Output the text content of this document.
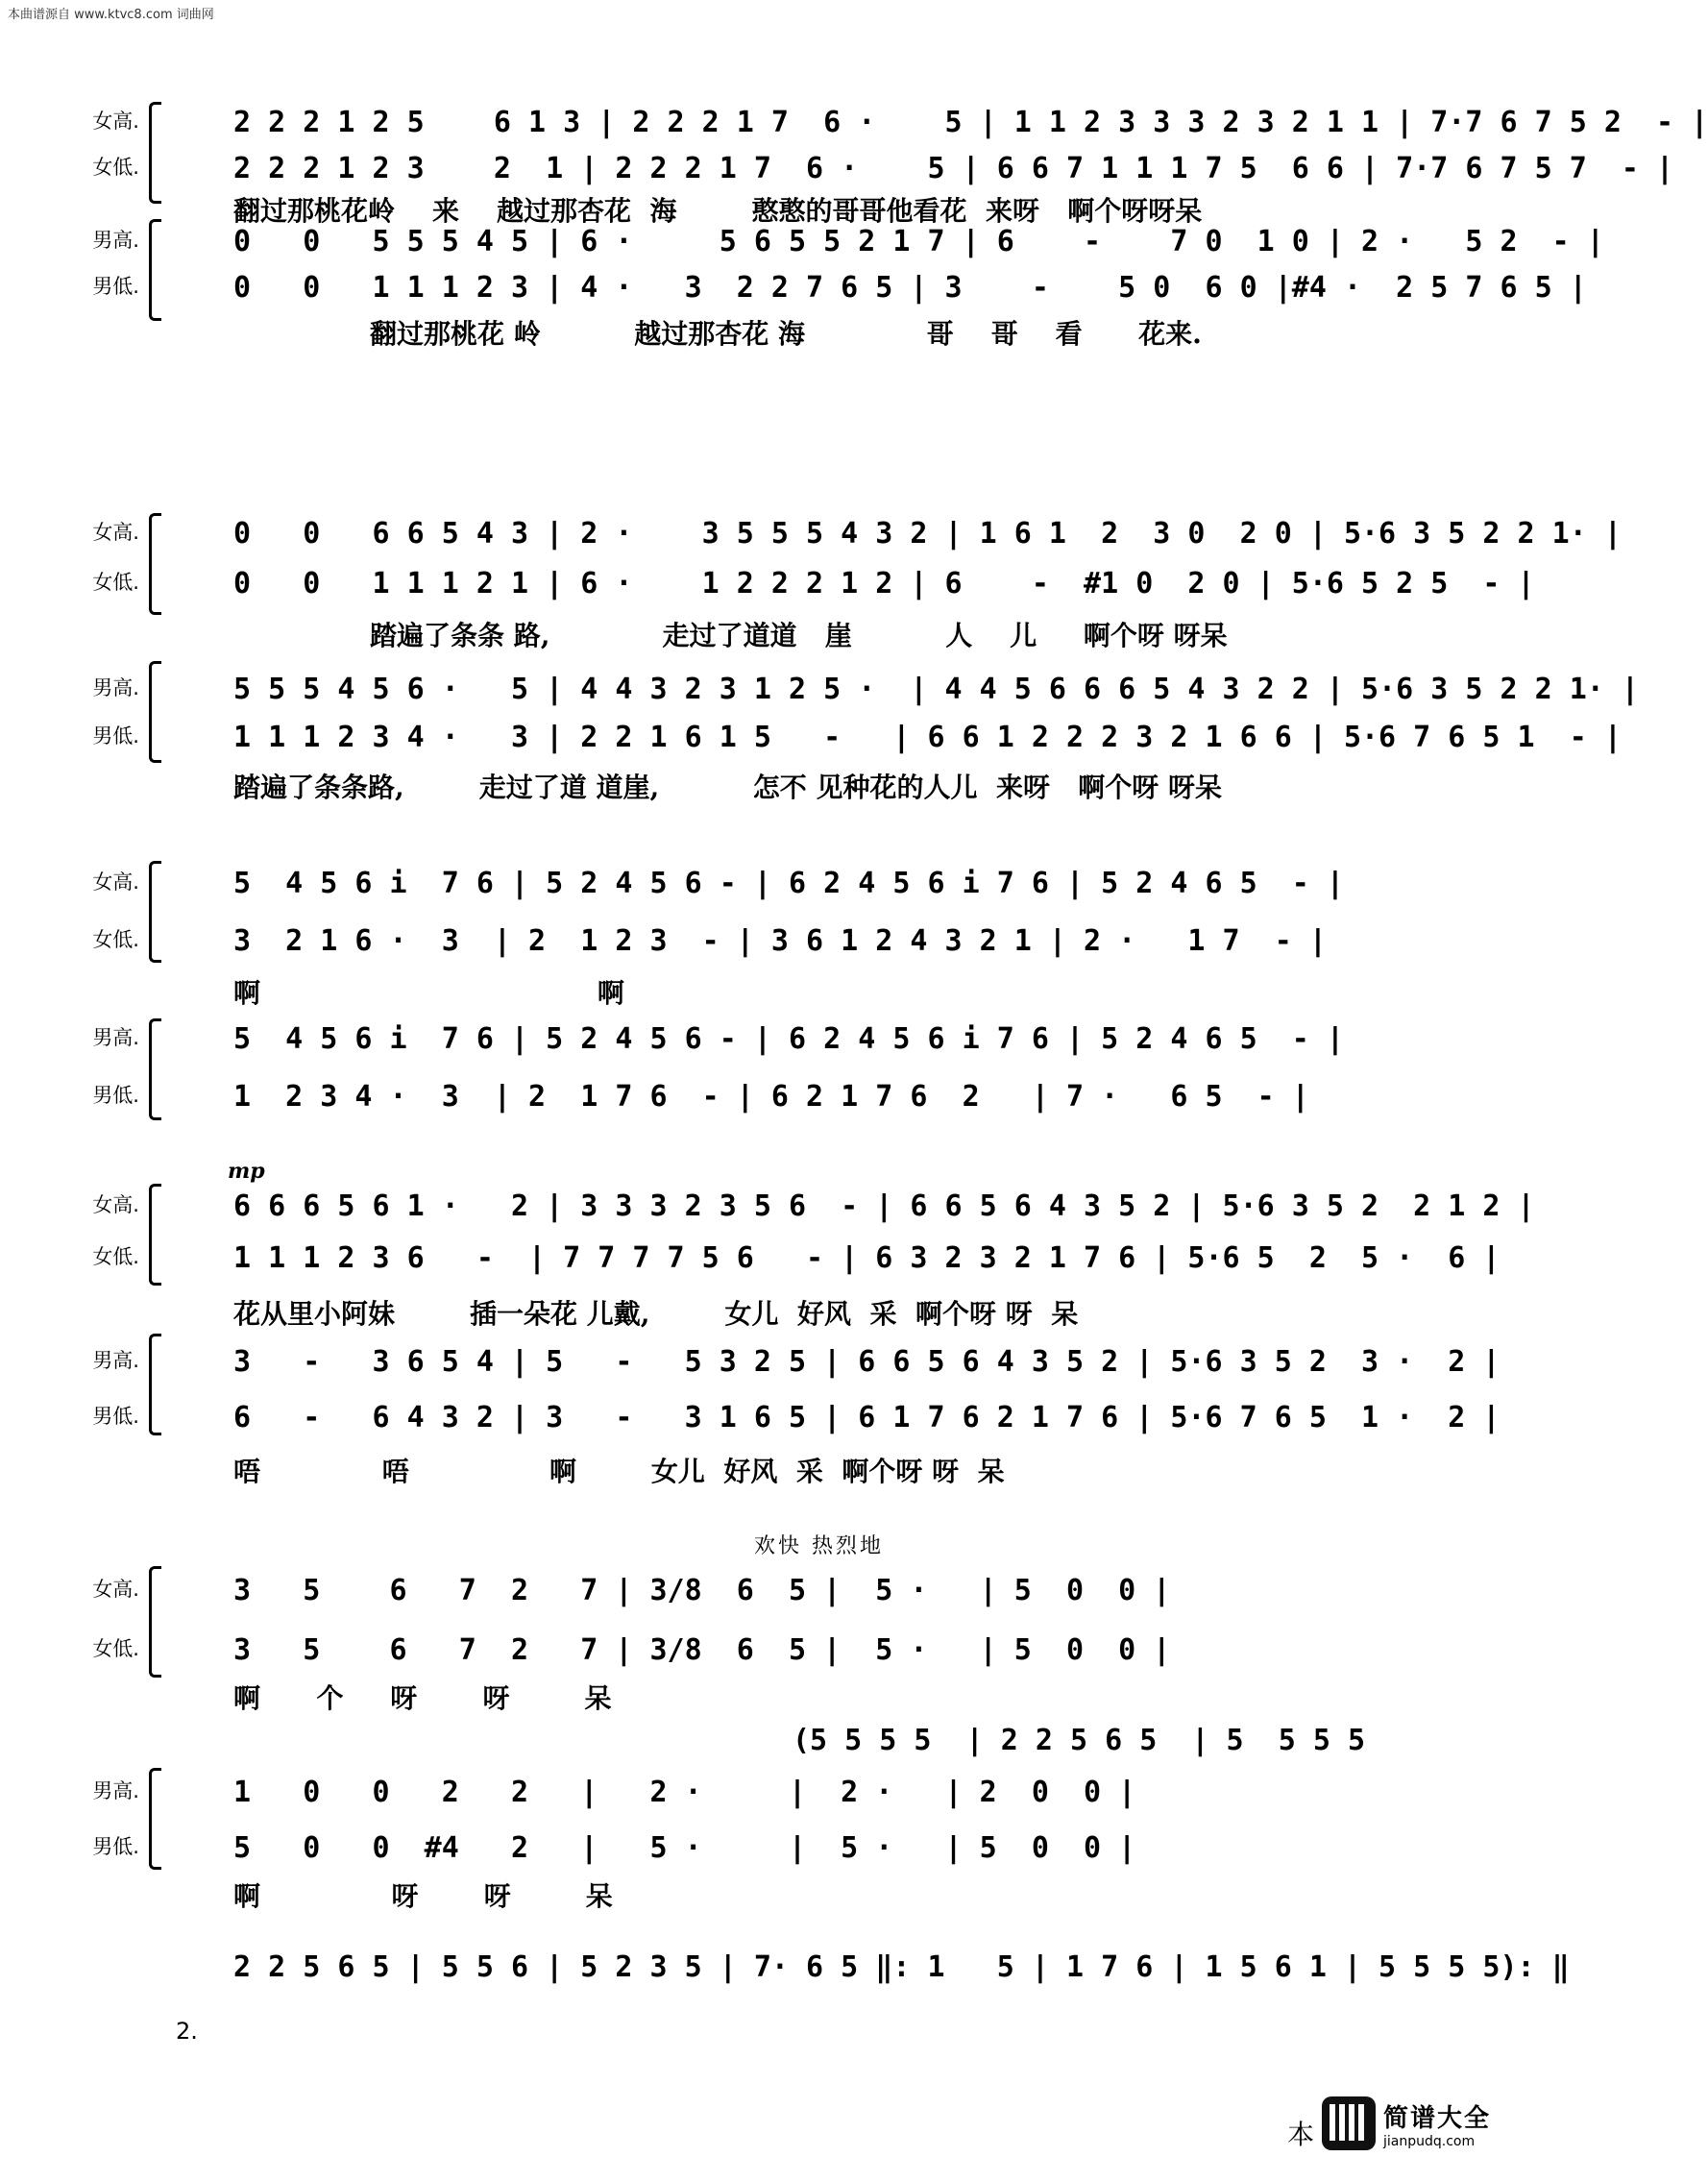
本曲谱源自 www.ktvc8.com 词曲网
女高.	2 2 2 1 2 5    6 1 3 | 2 2 2 1 7  6 ·    5 | 1 1 2 3 3 3 2 3 2 1 1 | 7·7 6 7 5 2  - |
女低.	2 2 2 1 2 3    2  1 | 2 2 2 1 7  6 ·    5 | 6 6 7 1 1 1 7 5  6 6 | 7·7 6 7 5 7  - |
翻过那桃花岭    来    越过那杏花  海        憨憨的哥哥他看花  来呀   啊个呀呀呆
男高.	0   0   5 5 5 4 5 | 6 ·     5 6 5 5 2 1 7 | 6    -    7 0  1 0 | 2 ·   5 2  - |
男低.	0   0   1 1 1 2 3 | 4 ·   3  2 2 7 6 5 | 3    -    5 0  6 0 |#4 ·  2 5 7 6 5 |
翻过那桃花 岭          越过那杏花 海             哥    哥    看      花来.
女高.	0   0   6 6 5 4 3 | 2 ·    3 5 5 5 4 3 2 | 1 6 1  2  3 0  2 0 | 5·6 3 5 2 2 1· |
女低.	0   0   1 1 1 2 1 | 6 ·    1 2 2 2 1 2 | 6    -  #1 0  2 0 | 5·6 5 2 5  - |
踏遍了条条 路,            走过了道道   崖          人    儿     啊个呀 呀呆
男高.	5 5 5 4 5 6 ·   5 | 4 4 3 2 3 1 2 5 ·  | 4 4 5 6 6 6 5 4 3 2 2 | 5·6 3 5 2 2 1· |
男低.	1 1 1 2 3 4 ·   3 | 2 2 1 6 1 5   -   | 6 6 1 2 2 2 3 2 1 6 6 | 5·6 7 6 5 1  - |
踏遍了条条路,        走过了道 道崖,          怎不 见种花的人儿  来呀   啊个呀 呀呆
女高.	5  4 5 6 i  7 6 | 5 2 4 5 6 - | 6 2 4 5 6 i 7 6 | 5 2 4 6 5  - |
女低.	3  2 1 6 ·  3  | 2  1 2 3  - | 3 6 1 2 4 3 2 1 | 2 ·   1 7  - |
啊                                    啊
男高.	5  4 5 6 i  7 6 | 5 2 4 5 6 - | 6 2 4 5 6 i 7 6 | 5 2 4 6 5  - |
男低.	1  2 3 4 ·  3  | 2  1 7 6  - | 6 2 1 7 6  2   | 7 ·   6 5  - |
mp
女高.	6 6 6 5 6 1 ·   2 | 3 3 3 2 3 5 6  - | 6 6 5 6 4 3 5 2 | 5·6 3 5 2  2 1 2 |
女低.	1 1 1 2 3 6   -  | 7 7 7 7 5 6   - | 6 3 2 3 2 1 7 6 | 5·6 5  2  5 ·  6 |
花从里小阿妹        插一朵花 儿戴,        女儿  好风  采  啊个呀 呀  呆
男高.	3   -   3 6 5 4 | 5   -   5 3 2 5 | 6 6 5 6 4 3 5 2 | 5·6 3 5 2  3 ·  2 |
男低.	6   -   6 4 3 2 | 3   -   3 1 6 5 | 6 1 7 6 2 1 7 6 | 5·6 7 6 5  1 ·  2 |
唔             唔               啊        女儿  好风  采  啊个呀 呀  呆
欢快 热烈地
女高.	3   5    6   7  2   7 | 3/8  6  5 |  5 ·   | 5  0  0 |
女低.	3   5    6   7  2   7 | 3/8  6  5 |  5 ·   | 5  0  0 |
啊      个     呀       呀        呆
(5 5 5 5  | 2 2 5 6 5  | 5  5 5 5
男高.	1   0   0   2   2   |   2 ·     |  2 ·   | 2  0  0 |
男低.	5   0   0  #4   2   |   5 ·     |  5 ·   | 5  0  0 |
啊              呀       呀        呆
2 2 5 6 5 | 5 5 6 | 5 2 3 5 | 7· 6 5 ‖: 1   5 | 1 7 6 | 1 5 6 1 | 5 5 5 5): ‖
2.
本
简谱大全
jianpudq.com
